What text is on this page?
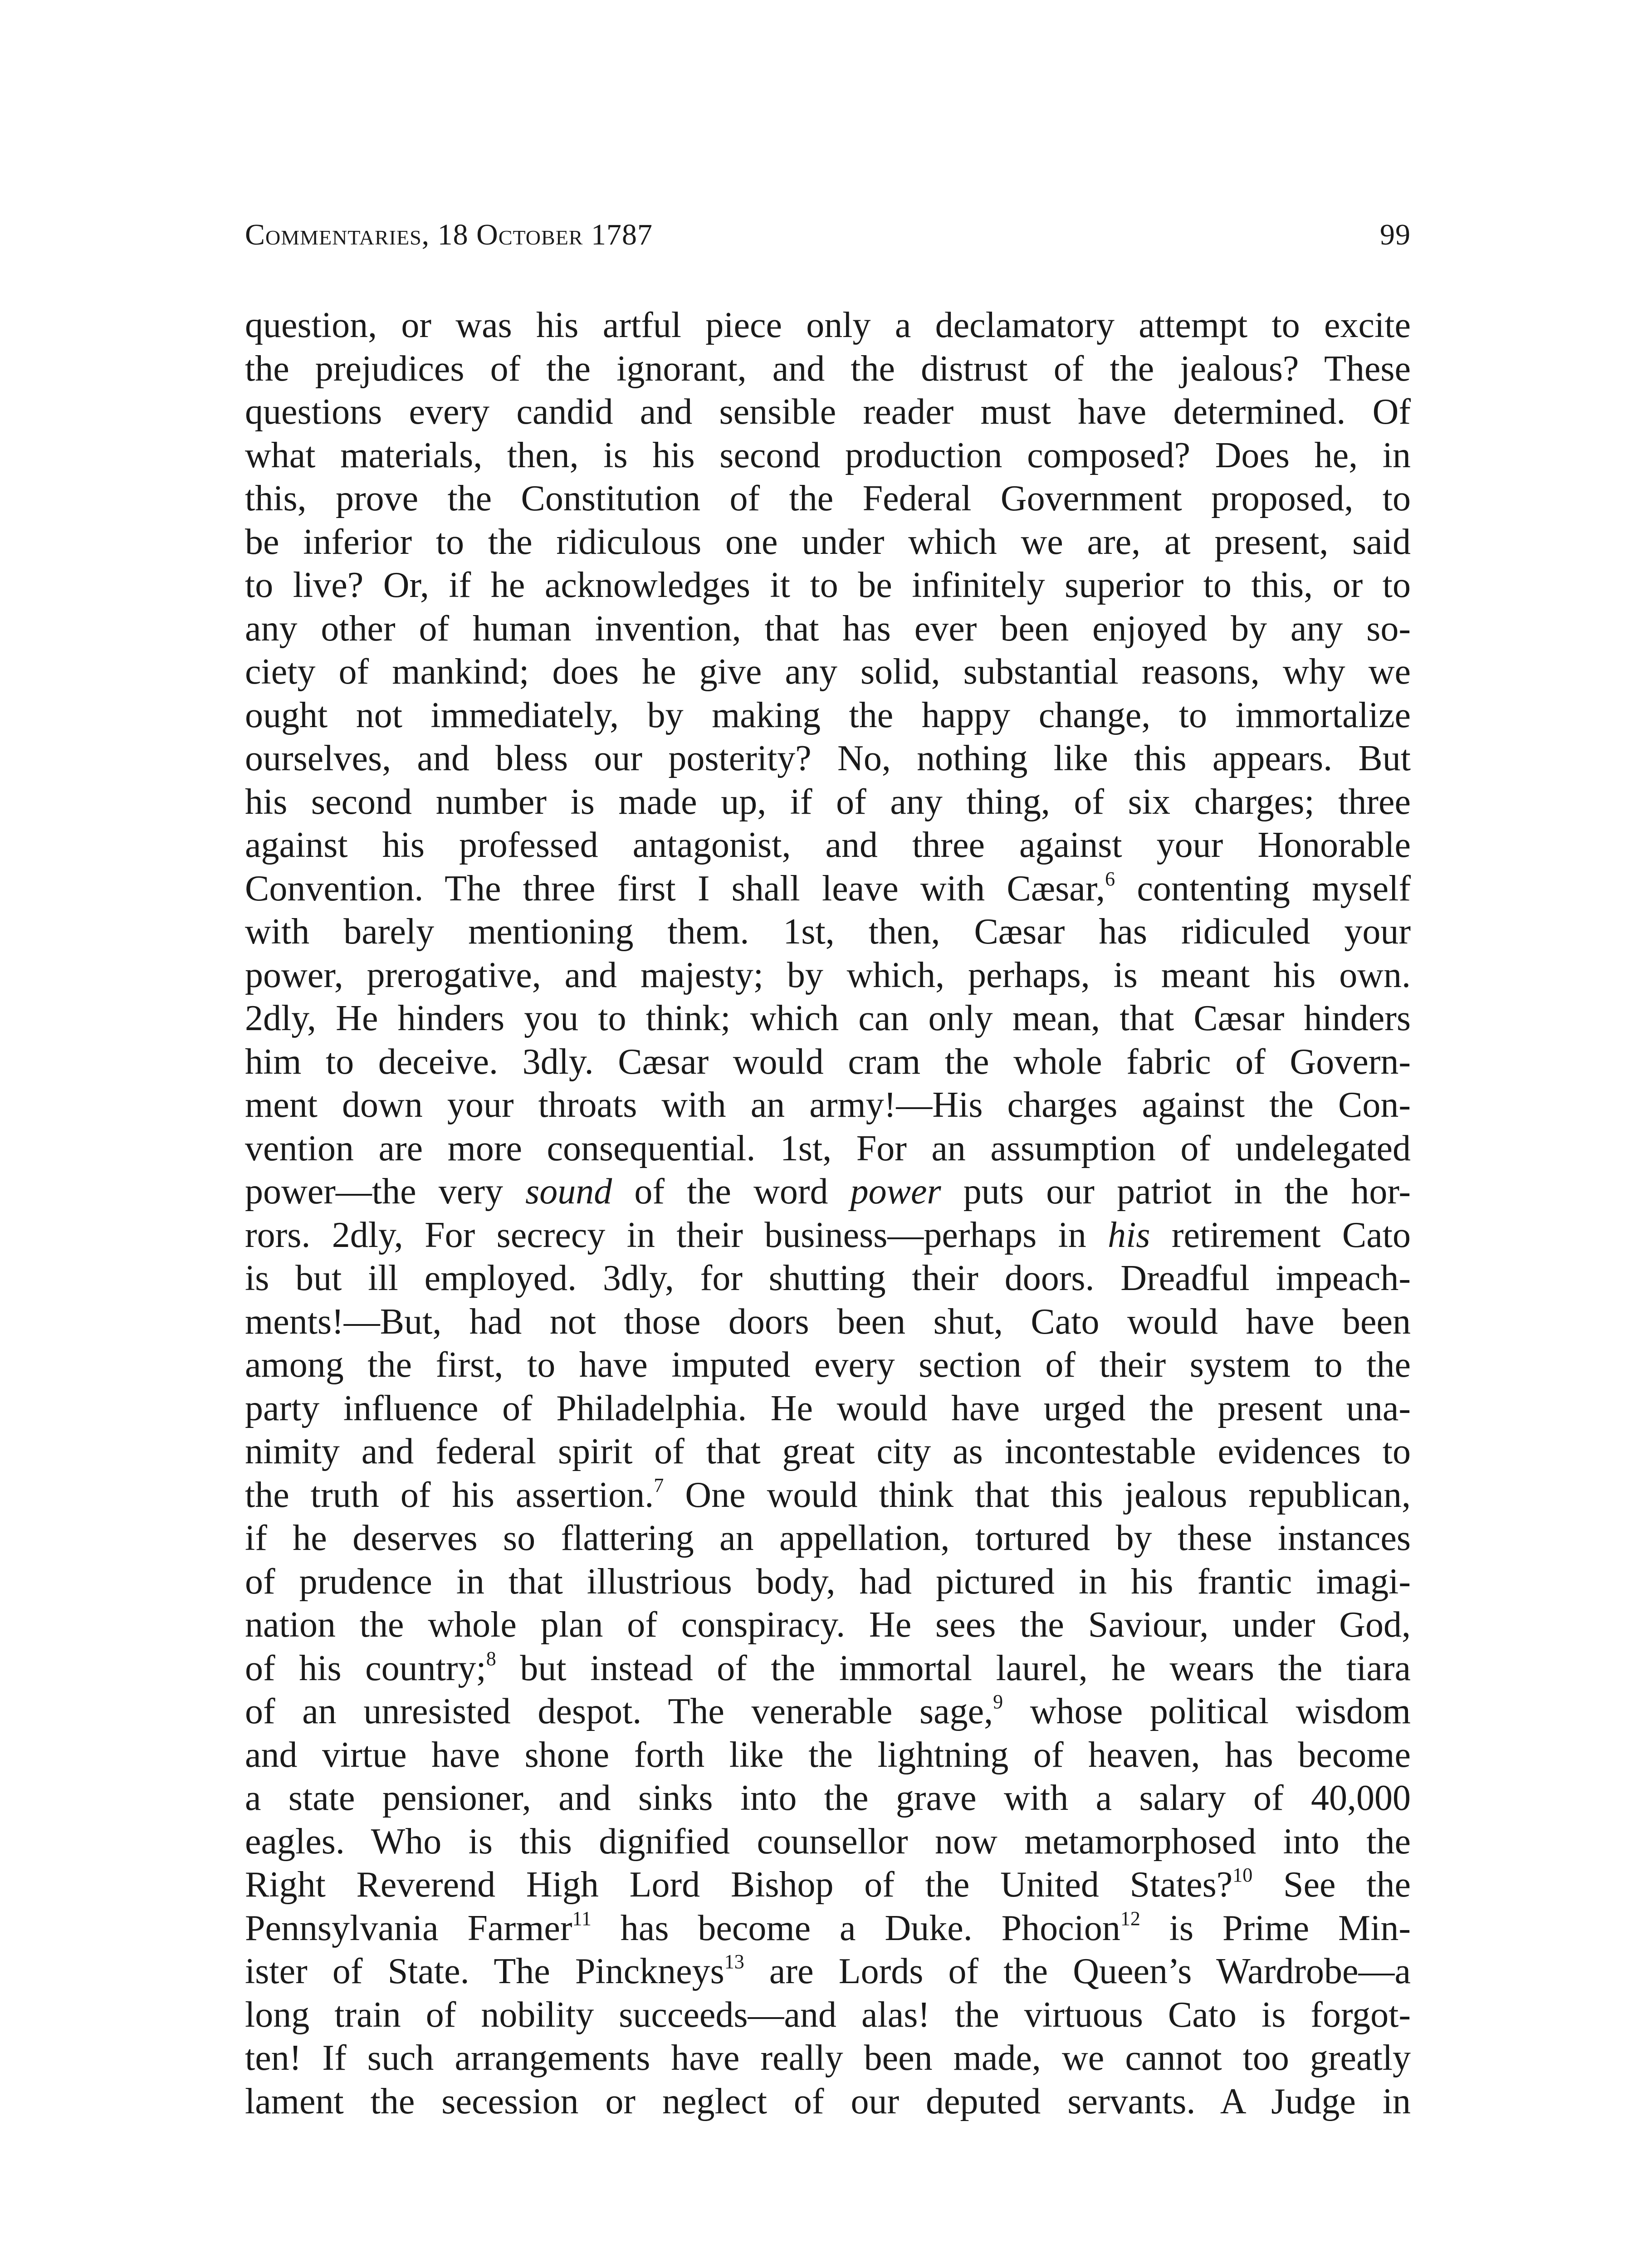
Commentaries, 18 October 1787	99
question, or was his artful piece only a declamatory attempt to excite
the prejudices of the ignorant, and the distrust of the jealous? These
questions every candid and sensible reader must have determined. Of
what materials, then, is his second production composed? Does he, in
this, prove the Constitution of the Federal Government proposed, to
be inferior to the ridiculous one under which we are, at present, said
to live? Or, if he acknowledges it to be infinitely superior to this, or to
any other of human invention, that has ever been enjoyed by any so-
ciety of mankind; does he give any solid, substantial reasons, why we
ought not immediately, by making the happy change, to immortalize
ourselves, and bless our posterity? No, nothing like this appears. But
his second number is made up, if of any thing, of six charges; three
against his professed antagonist, and three against your Honorable
Convention. The three first I shall leave with Cæsar,$^6$ contenting myself
with barely mentioning them. 1st, then, Cæsar has ridiculed your
power, prerogative, and majesty; by which, perhaps, is meant his own.
2dly, He hinders you to think; which can only mean, that Cæsar hinders
him to deceive. 3dly. Cæsar would cram the whole fabric of Govern-
ment down your throats with an army!—His charges against the Con-
vention are more consequential. 1st, For an assumption of undelegated
power—the very sound of the word power puts our patriot in the hor-
rors. 2dly, For secrecy in their business—perhaps in his retirement Cato
is but ill employed. 3dly, for shutting their doors. Dreadful impeach-
ments!—But, had not those doors been shut, Cato would have been
among the first, to have imputed every section of their system to the
party influence of Philadelphia. He would have urged the present una-
nimity and federal spirit of that great city as incontestable evidences to
the truth of his assertion.$^7$ One would think that this jealous republican,
if he deserves so flattering an appellation, tortured by these instances
of prudence in that illustrious body, had pictured in his frantic imagi-
nation the whole plan of conspiracy. He sees the Saviour, under God,
of his country;$^8$ but instead of the immortal laurel, he wears the tiara
of an unresisted despot. The venerable sage,$^9$ whose political wisdom
and virtue have shone forth like the lightning of heaven, has become
a state pensioner, and sinks into the grave with a salary of 40,000
eagles. Who is this dignified counsellor now metamorphosed into the
Right Reverend High Lord Bishop of the United States?$^{10}$ See the
Pennsylvania Farmer$^{11}$ has become a Duke. Phocion$^{12}$ is Prime Min-
ister of State. The Pinckneys$^{13}$ are Lords of the Queen’s Wardrobe—a
long train of nobility succeeds—and alas! the virtuous Cato is forgot-
ten! If such arrangements have really been made, we cannot too greatly
lament the secession or neglect of our deputed servants. A Judge in
